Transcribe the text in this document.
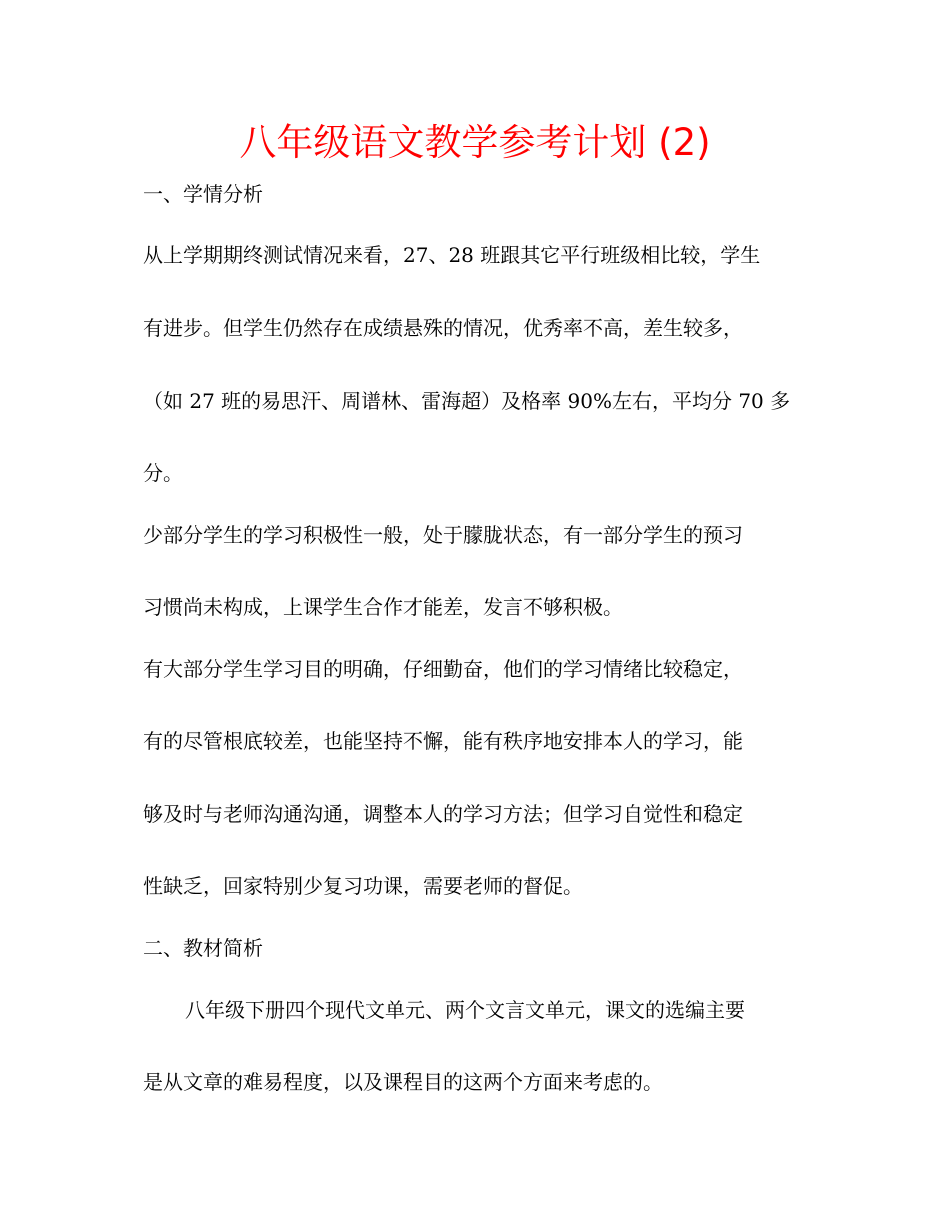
八年级语文教学参考计划 (2)

一、学情分析

从上学期期终测试情况来看，27、28 班跟其它平行班级相比较，学生

有进步。但学生仍然存在成绩悬殊的情况，优秀率不高，差生较多，

（如 27 班的易思汗、周谱林、雷海超）及格率 90%左右，平均分 70 多

分。

少部分学生的学习积极性一般，处于朦胧状态，有一部分学生的预习

习惯尚未构成，上课学生合作才能差，发言不够积极。

有大部分学生学习目的明确，仔细勤奋，他们的学习情绪比较稳定，

有的尽管根底较差，也能坚持不懈，能有秩序地安排本人的学习，能

够及时与老师沟通沟通，调整本人的学习方法；但学习自觉性和稳定

性缺乏，回家特别少复习功课，需要老师的督促。

二、教材简析

八年级下册四个现代文单元、两个文言文单元，课文的选编主要

是从文章的难易程度，以及课程目的这两个方面来考虑的。
